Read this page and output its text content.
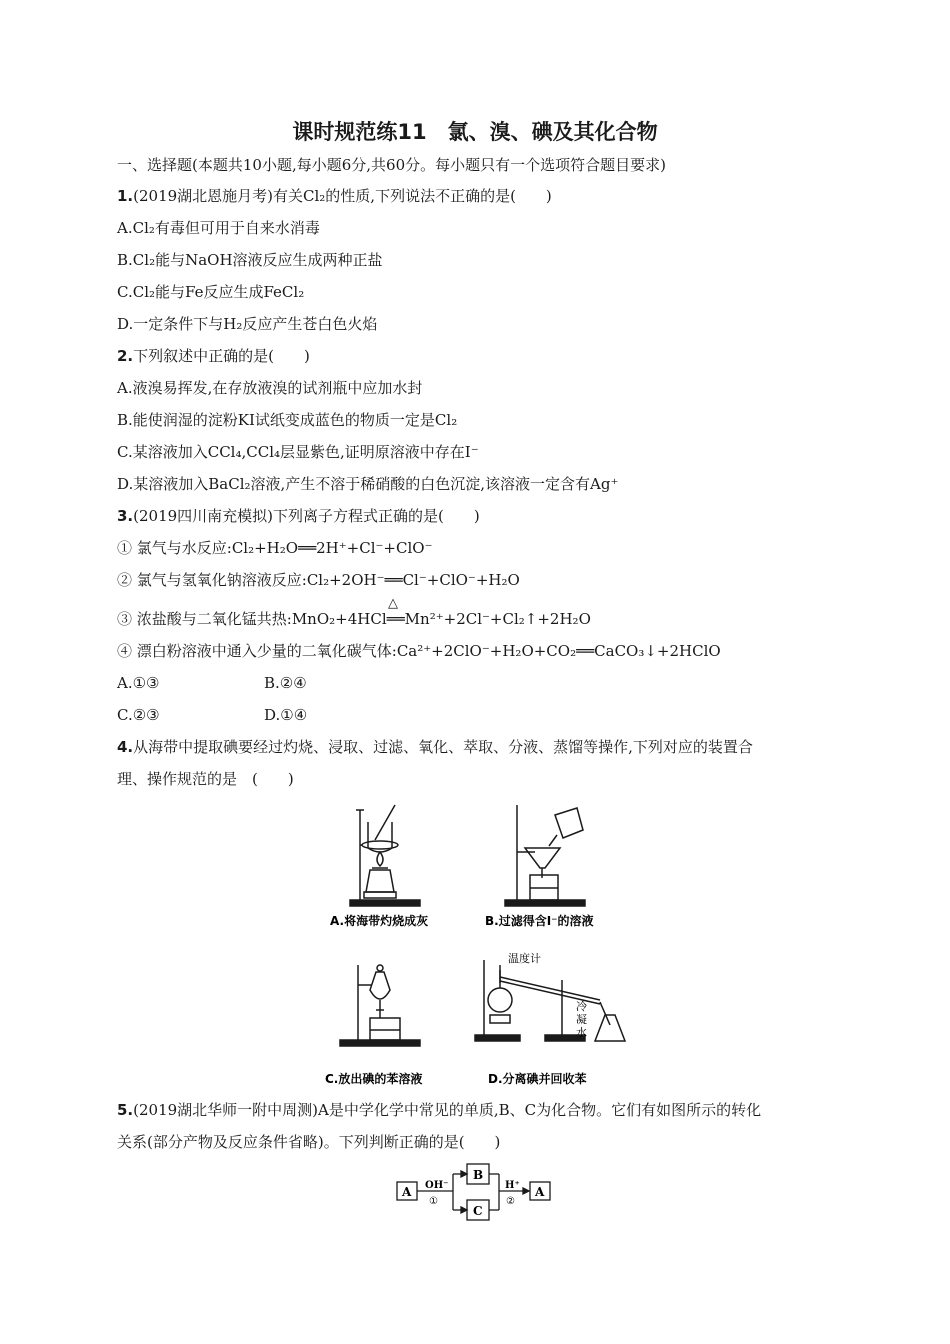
课时规范练11　氯、溴、碘及其化合物
一、选择题(本题共10小题,每小题6分,共60分。每小题只有一个选项符合题目要求)
1.(2019湖北恩施月考)有关Cl₂的性质,下列说法不正确的是(　　)
A.Cl₂有毒但可用于自来水消毒
B.Cl₂能与NaOH溶液反应生成两种正盐
C.Cl₂能与Fe反应生成FeCl₂
D.一定条件下与H₂反应产生苍白色火焰
2.下列叙述中正确的是(　　)
A.液溴易挥发,在存放液溴的试剂瓶中应加水封
B.能使润湿的淀粉KI试纸变成蓝色的物质一定是Cl₂
C.某溶液加入CCl₄,CCl₄层显紫色,证明原溶液中存在I⁻
D.某溶液加入BaCl₂溶液,产生不溶于稀硝酸的白色沉淀,该溶液一定含有Ag⁺
3.(2019四川南充模拟)下列离子方程式正确的是(　　)
① 氯气与水反应:Cl₂+H₂O══2H⁺+Cl⁻+ClO⁻
② 氯气与氢氧化钠溶液反应:Cl₂+2OH⁻══Cl⁻+ClO⁻+H₂O
△
③ 浓盐酸与二氧化锰共热:MnO₂+4HCl══Mn²⁺+2Cl⁻+Cl₂↑+2H₂O
④ 漂白粉溶液中通入少量的二氧化碳气体:Ca²⁺+2ClO⁻+H₂O+CO₂══CaCO₃↓+2HClO
A.①③	B.②④
C.②③	D.①④
4.从海带中提取碘要经过灼烧、浸取、过滤、氧化、萃取、分液、蒸馏等操作,下列对应的装置合
理、操作规范的是　(　　)
A.将海带灼烧成灰	B.过滤得含I⁻的溶液
C.放出碘的苯溶液	D.分离碘并回收苯
温度计
冷
凝
水
5.(2019湖北华师一附中周测)A是中学化学中常见的单质,B、C为化合物。它们有如图所示的转化
关系(部分产物及反应条件省略)。下列判断正确的是(　　)
A
B
C
A
OH⁻
①
H⁺
②
